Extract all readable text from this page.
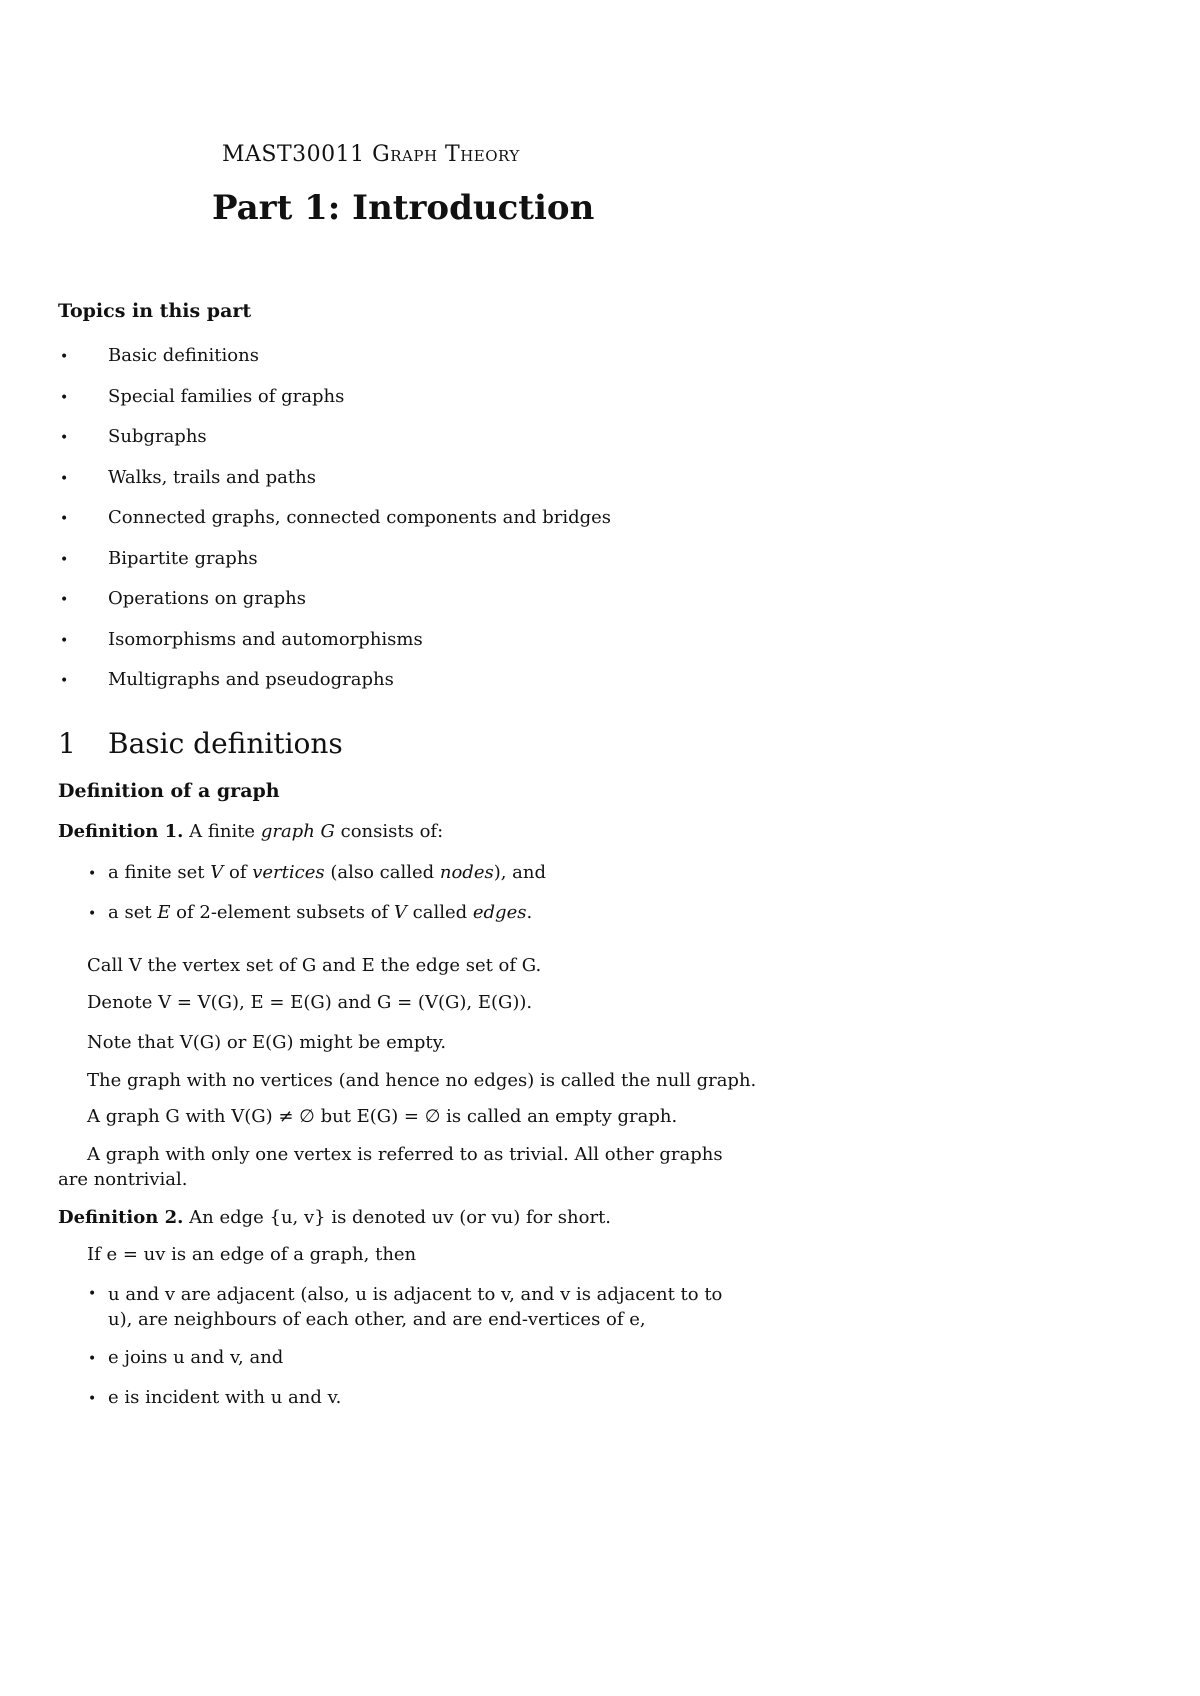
MAST30011 Graph Theory
Part 1: Introduction
Topics in this part
• Basic definitions
• Special families of graphs
• Subgraphs
• Walks, trails and paths
• Connected graphs, connected components and bridges
• Bipartite graphs
• Operations on graphs
• Isomorphisms and automorphisms
• Multigraphs and pseudographs
1 Basic definitions
Definition of a graph
Definition 1. A finite graph G consists of:
• a finite set V of vertices (also called nodes), and
• a set E of 2-element subsets of V called edges.
Call V the vertex set of G and E the edge set of G.
Denote V = V(G), E = E(G) and G = (V(G), E(G)).
Note that V(G) or E(G) might be empty.
The graph with no vertices (and hence no edges) is called the null graph.
A graph G with V(G) ≠ ∅ but E(G) = ∅ is called an empty graph.
A graph with only one vertex is referred to as trivial. All other graphs are nontrivial.
Definition 2. An edge {u, v} is denoted uv (or vu) for short.
If e = uv is an edge of a graph, then
• u and v are adjacent (also, u is adjacent to v, and v is adjacent to to u), are neighbours of each other, and are end-vertices of e,
• e joins u and v, and
• e is incident with u and v.
